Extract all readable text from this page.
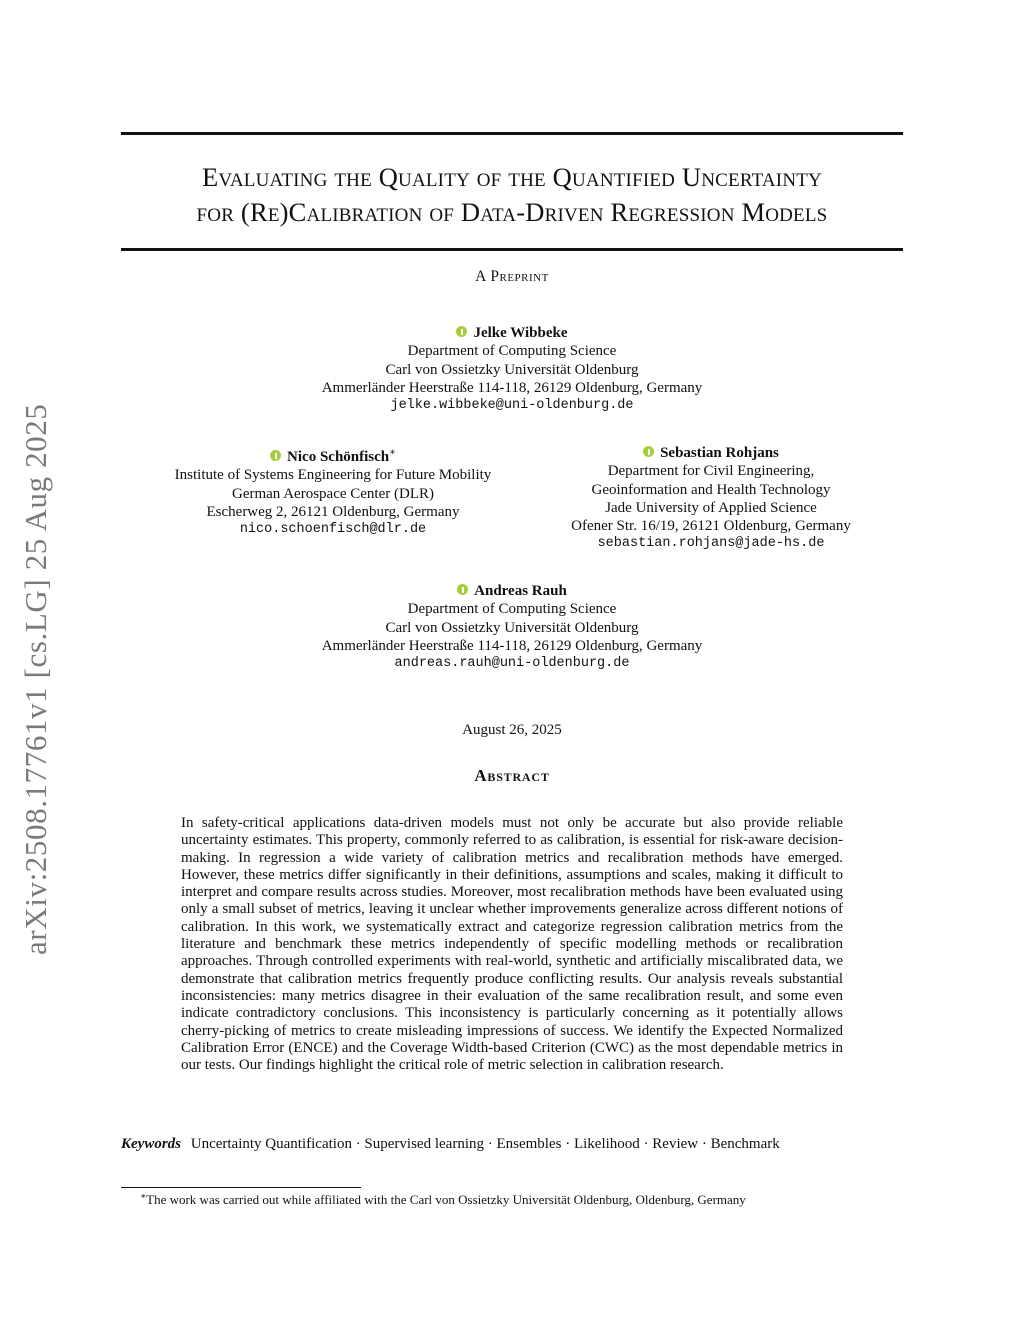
arXiv:2508.17761v1 [cs.LG] 25 Aug 2025
Evaluating the Quality of the Quantified Uncertainty
for (Re)Calibration of Data-Driven Regression Models
A Preprint
Jelke Wibbeke
Department of Computing Science
Carl von Ossietzky Universität Oldenburg
Ammerländer Heerstraße 114-118, 26129 Oldenburg, Germany
jelke.wibbeke@uni-oldenburg.de
Nico Schönfisch∗
Institute of Systems Engineering for Future Mobility
German Aerospace Center (DLR)
Escherweg 2, 26121 Oldenburg, Germany
nico.schoenfisch@dlr.de
Sebastian Rohjans
Department for Civil Engineering,
Geoinformation and Health Technology
Jade University of Applied Science
Ofener Str. 16/19, 26121 Oldenburg, Germany
sebastian.rohjans@jade-hs.de
Andreas Rauh
Department of Computing Science
Carl von Ossietzky Universität Oldenburg
Ammerländer Heerstraße 114-118, 26129 Oldenburg, Germany
andreas.rauh@uni-oldenburg.de
August 26, 2025
Abstract
In safety-critical applications data-driven models must not only be accurate but also provide reliable uncertainty estimates. This property, commonly referred to as calibration, is essential for risk-aware decision-making. In regression a wide variety of calibration metrics and recalibration methods have emerged. However, these metrics differ significantly in their definitions, assumptions and scales, making it difficult to interpret and compare results across studies. Moreover, most recalibration methods have been evaluated using only a small subset of metrics, leaving it unclear whether improvements generalize across different notions of calibration. In this work, we systematically extract and categorize regression calibration metrics from the literature and benchmark these metrics independently of specific modelling methods or recalibration approaches. Through controlled experiments with real-world, synthetic and artificially miscalibrated data, we demonstrate that calibration metrics frequently produce conflicting results. Our analysis reveals substantial inconsistencies: many metrics disagree in their evaluation of the same recalibration result, and some even indicate contradictory conclusions. This inconsistency is particularly concerning as it potentially allows cherry-picking of metrics to create misleading impressions of success. We identify the Expected Normalized Calibration Error (ENCE) and the Coverage Width-based Criterion (CWC) as the most dependable metrics in our tests. Our findings highlight the critical role of metric selection in calibration research.
Keywords Uncertainty Quantification · Supervised learning · Ensembles · Likelihood · Review · Benchmark
∗The work was carried out while affiliated with the Carl von Ossietzky Universität Oldenburg, Oldenburg, Germany
